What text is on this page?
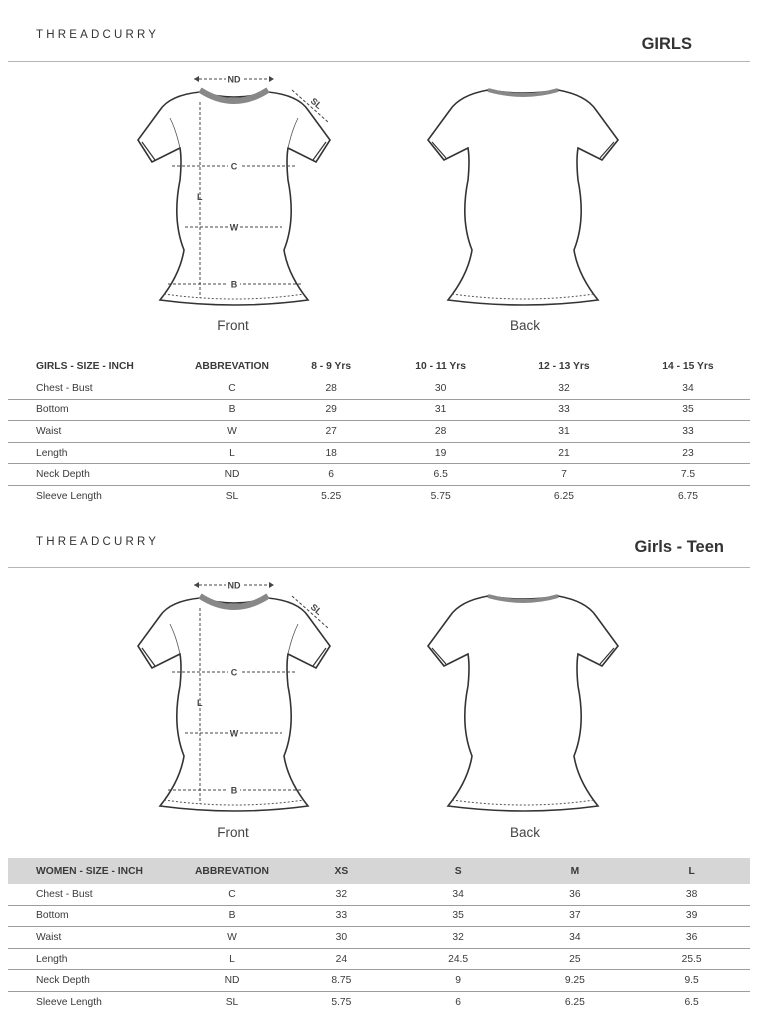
THREADCURRY	GIRLS
ND
SL
L
C
W
B
Front	Back
GIRLS - SIZE - INCH	ABBREVATION	8 - 9 Yrs	10 - 11 Yrs	12 - 13 Yrs	14 - 15 Yrs
Chest - Bust	C	28	30	32	34
Bottom	B	29	31	33	35
Waist	W	27	28	31	33
Length	L	18	19	21	23
Neck Depth	ND	6	6.5	7	7.5
Sleeve Length	SL	5.25	5.75	6.25	6.75
THREADCURRY	Girls - Teen
ND
SL
L
C
W
B
Front	Back
WOMEN - SIZE - INCH	ABBREVATION	XS	S	M	L
Chest - Bust	C	32	34	36	38
Bottom	B	33	35	37	39
Waist	W	30	32	34	36
Length	L	24	24.5	25	25.5
Neck Depth	ND	8.75	9	9.25	9.5
Sleeve Length	SL	5.75	6	6.25	6.5
